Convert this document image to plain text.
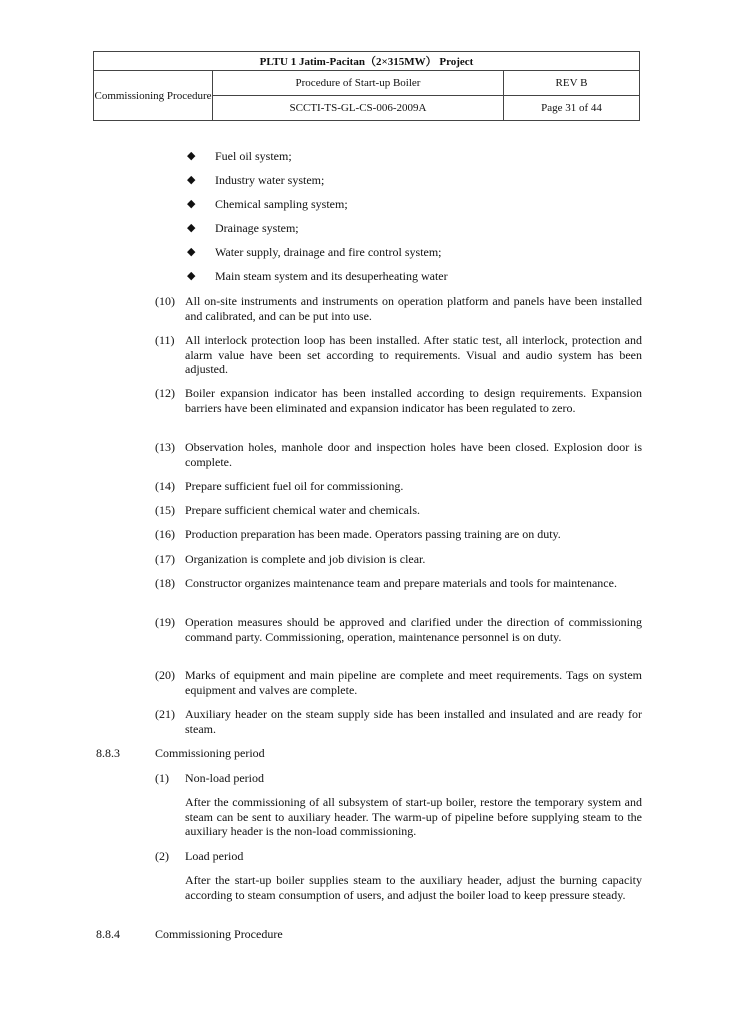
PLTU 1 Jatim-Pacitan（2×315MW） Project		
Commissioning Procedure	Procedure of Start-up Boiler	REV B
	SCCTI-TS-GL-CS-006-2009A	Page 31 of 44
◆ Fuel oil system;
◆ Industry water system;
◆ Chemical sampling system;
◆ Drainage system;
◆ Water supply, drainage and fire control system;
◆ Main steam system and its desuperheating water
(10) All on-site instruments and instruments on operation platform and panels have been installed and calibrated, and can be put into use.
(11) All interlock protection loop has been installed. After static test, all interlock, protection and alarm value have been set according to requirements. Visual and audio system has been adjusted.
(12) Boiler expansion indicator has been installed according to design requirements. Expansion barriers have been eliminated and expansion indicator has been regulated to zero.
(13) Observation holes, manhole door and inspection holes have been closed. Explosion door is complete.
(14) Prepare sufficient fuel oil for commissioning.
(15) Prepare sufficient chemical water and chemicals.
(16) Production preparation has been made. Operators passing training are on duty.
(17) Organization is complete and job division is clear.
(18) Constructor organizes maintenance team and prepare materials and tools for maintenance.
(19) Operation measures should be approved and clarified under the direction of commissioning command party. Commissioning, operation, maintenance personnel is on duty.
(20) Marks of equipment and main pipeline are complete and meet requirements. Tags on system equipment and valves are complete.
(21) Auxiliary header on the steam supply side has been installed and insulated and are ready for steam.
8.8.3	Commissioning period
(1) Non-load period
After the commissioning of all subsystem of start-up boiler, restore the temporary system and steam can be sent to auxiliary header. The warm-up of pipeline before supplying steam to the auxiliary header is the non-load commissioning.
(2) Load period
After the start-up boiler supplies steam to the auxiliary header, adjust the burning capacity according to steam consumption of users, and adjust the boiler load to keep pressure steady.
8.8.4	Commissioning Procedure
